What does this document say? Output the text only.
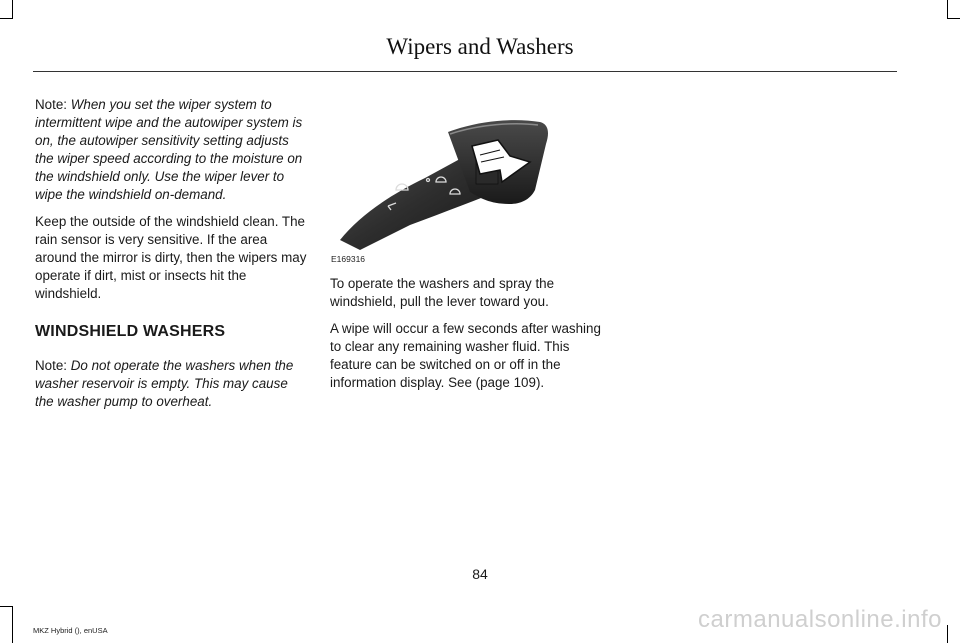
Wipers and Washers

Note: When you set the wiper system to intermittent wipe and the autowiper system is on, the autowiper sensitivity setting adjusts the wiper speed according to the moisture on the windshield only. Use the wiper lever to wipe the windshield on-demand.

Keep the outside of the windshield clean. The rain sensor is very sensitive. If the area around the mirror is dirty, then the wipers may operate if dirt, mist or insects hit the windshield.

WINDSHIELD WASHERS

Note: Do not operate the washers when the washer reservoir is empty. This may cause the washer pump to overheat.

E169316

To operate the washers and spray the windshield, pull the lever toward you.

A wipe will occur a few seconds after washing to clear any remaining washer fluid. This feature can be switched on or off in the information display. See (page 109).

84
MKZ Hybrid (), enUSA	carmanualsonline.info
